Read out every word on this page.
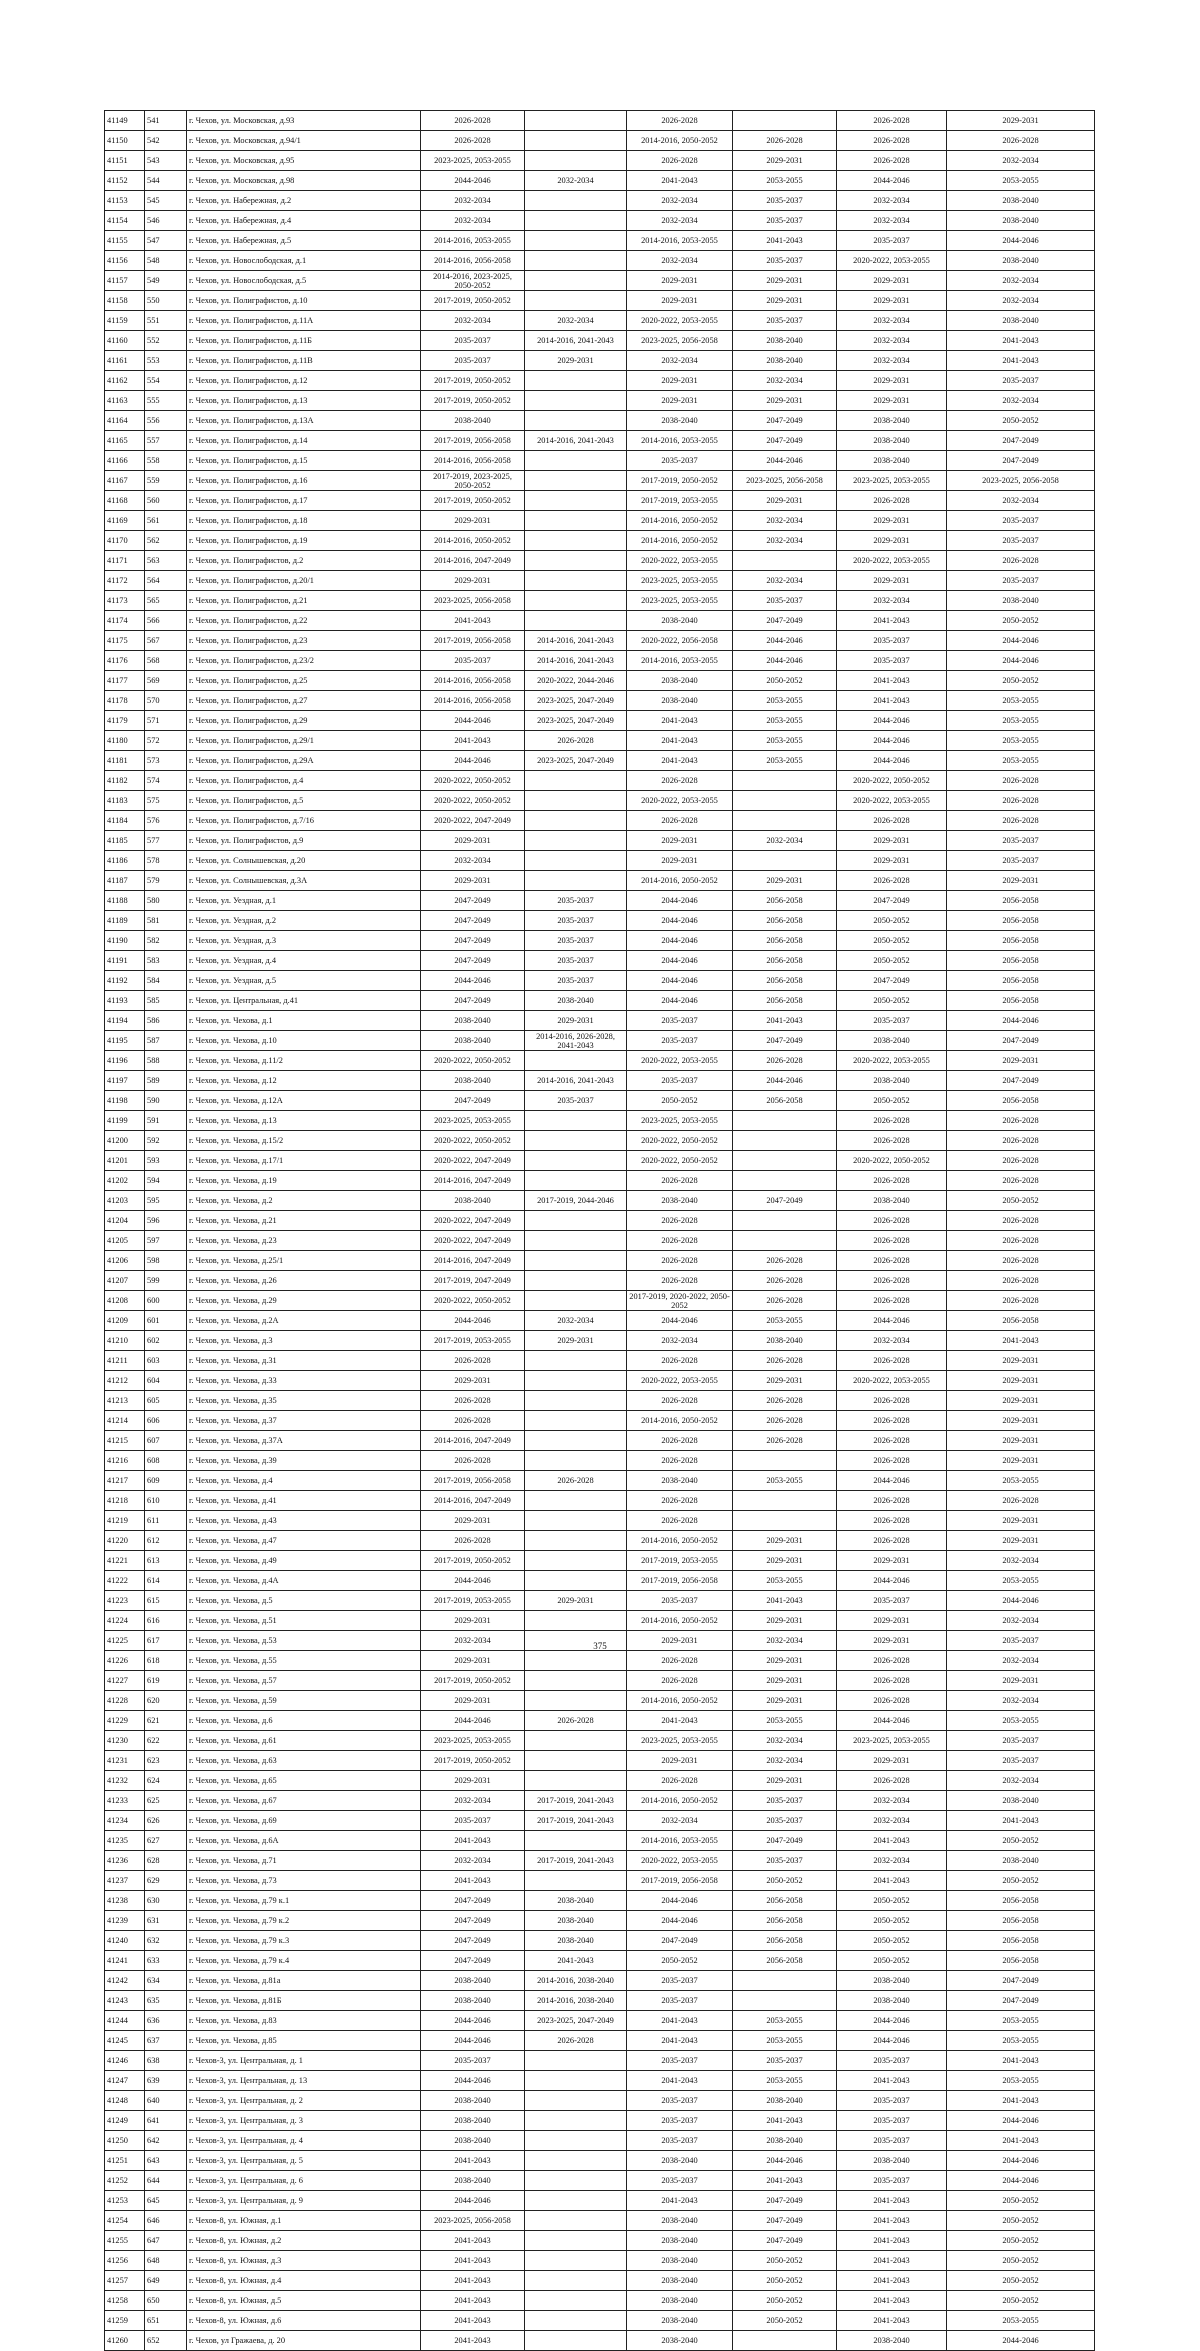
41149	541	г. Чехов, ул. Московская, д.93	2026-2028		2026-2028		2026-2028	2029-2031
41150	542	г. Чехов, ул. Московская, д.94/1	2026-2028		2014-2016, 2050-2052	2026-2028	2026-2028	2026-2028
41151	543	г. Чехов, ул. Московская, д.95	2023-2025, 2053-2055		2026-2028	2029-2031	2026-2028	2032-2034
41152	544	г. Чехов, ул. Московская, д.98	2044-2046	2032-2034	2041-2043	2053-2055	2044-2046	2053-2055
41153	545	г. Чехов, ул. Набережная, д.2	2032-2034		2032-2034	2035-2037	2032-2034	2038-2040
41154	546	г. Чехов, ул. Набережная, д.4	2032-2034		2032-2034	2035-2037	2032-2034	2038-2040
41155	547	г. Чехов, ул. Набережная, д.5	2014-2016, 2053-2055		2014-2016, 2053-2055	2041-2043	2035-2037	2044-2046
41156	548	г. Чехов, ул. Новослободская, д.1	2014-2016, 2056-2058		2032-2034	2035-2037	2020-2022, 2053-2055	2038-2040
41157	549	г. Чехов, ул. Новослободская, д.5	2014-2016, 2023-2025, 2050-2052		2029-2031	2029-2031	2029-2031	2032-2034
41158	550	г. Чехов, ул. Полиграфистов, д.10	2017-2019, 2050-2052		2029-2031	2029-2031	2029-2031	2032-2034
41159	551	г. Чехов, ул. Полиграфистов, д.11А	2032-2034	2032-2034	2020-2022, 2053-2055	2035-2037	2032-2034	2038-2040
41160	552	г. Чехов, ул. Полиграфистов, д.11Б	2035-2037	2014-2016, 2041-2043	2023-2025, 2056-2058	2038-2040	2032-2034	2041-2043
41161	553	г. Чехов, ул. Полиграфистов, д.11В	2035-2037	2029-2031	2032-2034	2038-2040	2032-2034	2041-2043
41162	554	г. Чехов, ул. Полиграфистов, д.12	2017-2019, 2050-2052		2029-2031	2032-2034	2029-2031	2035-2037
41163	555	г. Чехов, ул. Полиграфистов, д.13	2017-2019, 2050-2052		2029-2031	2029-2031	2029-2031	2032-2034
41164	556	г. Чехов, ул. Полиграфистов, д.13А	2038-2040		2038-2040	2047-2049	2038-2040	2050-2052
41165	557	г. Чехов, ул. Полиграфистов, д.14	2017-2019, 2056-2058	2014-2016, 2041-2043	2014-2016, 2053-2055	2047-2049	2038-2040	2047-2049
41166	558	г. Чехов, ул. Полиграфистов, д.15	2014-2016, 2056-2058		2035-2037	2044-2046	2038-2040	2047-2049
41167	559	г. Чехов, ул. Полиграфистов, д.16	2017-2019, 2023-2025, 2050-2052		2017-2019, 2050-2052	2023-2025, 2056-2058	2023-2025, 2053-2055	2023-2025, 2056-2058
41168	560	г. Чехов, ул. Полиграфистов, д.17	2017-2019, 2050-2052		2017-2019, 2053-2055	2029-2031	2026-2028	2032-2034
41169	561	г. Чехов, ул. Полиграфистов, д.18	2029-2031		2014-2016, 2050-2052	2032-2034	2029-2031	2035-2037
41170	562	г. Чехов, ул. Полиграфистов, д.19	2014-2016, 2050-2052		2014-2016, 2050-2052	2032-2034	2029-2031	2035-2037
41171	563	г. Чехов, ул. Полиграфистов, д.2	2014-2016, 2047-2049		2020-2022, 2053-2055		2020-2022, 2053-2055	2026-2028
41172	564	г. Чехов, ул. Полиграфистов, д.20/1	2029-2031		2023-2025, 2053-2055	2032-2034	2029-2031	2035-2037
41173	565	г. Чехов, ул. Полиграфистов, д.21	2023-2025, 2056-2058		2023-2025, 2053-2055	2035-2037	2032-2034	2038-2040
41174	566	г. Чехов, ул. Полиграфистов, д.22	2041-2043		2038-2040	2047-2049	2041-2043	2050-2052
41175	567	г. Чехов, ул. Полиграфистов, д.23	2017-2019, 2056-2058	2014-2016, 2041-2043	2020-2022, 2056-2058	2044-2046	2035-2037	2044-2046
41176	568	г. Чехов, ул. Полиграфистов, д.23/2	2035-2037	2014-2016, 2041-2043	2014-2016, 2053-2055	2044-2046	2035-2037	2044-2046
41177	569	г. Чехов, ул. Полиграфистов, д.25	2014-2016, 2056-2058	2020-2022, 2044-2046	2038-2040	2050-2052	2041-2043	2050-2052
41178	570	г. Чехов, ул. Полиграфистов, д.27	2014-2016, 2056-2058	2023-2025, 2047-2049	2038-2040	2053-2055	2041-2043	2053-2055
41179	571	г. Чехов, ул. Полиграфистов, д.29	2044-2046	2023-2025, 2047-2049	2041-2043	2053-2055	2044-2046	2053-2055
41180	572	г. Чехов, ул. Полиграфистов, д.29/1	2041-2043	2026-2028	2041-2043	2053-2055	2044-2046	2053-2055
41181	573	г. Чехов, ул. Полиграфистов, д.29А	2044-2046	2023-2025, 2047-2049	2041-2043	2053-2055	2044-2046	2053-2055
41182	574	г. Чехов, ул. Полиграфистов, д.4	2020-2022, 2050-2052		2026-2028		2020-2022, 2050-2052	2026-2028
41183	575	г. Чехов, ул. Полиграфистов, д.5	2020-2022, 2050-2052		2020-2022, 2053-2055		2020-2022, 2053-2055	2026-2028
41184	576	г. Чехов, ул. Полиграфистов, д.7/16	2020-2022, 2047-2049		2026-2028		2026-2028	2026-2028
41185	577	г. Чехов, ул. Полиграфистов, д.9	2029-2031		2029-2031	2032-2034	2029-2031	2035-2037
41186	578	г. Чехов, ул. Солнышевская, д.20	2032-2034		2029-2031		2029-2031	2035-2037
41187	579	г. Чехов, ул. Солнышевская, д.3А	2029-2031		2014-2016, 2050-2052	2029-2031	2026-2028	2029-2031
41188	580	г. Чехов, ул. Уездная, д.1	2047-2049	2035-2037	2044-2046	2056-2058	2047-2049	2056-2058
41189	581	г. Чехов, ул. Уездная, д.2	2047-2049	2035-2037	2044-2046	2056-2058	2050-2052	2056-2058
41190	582	г. Чехов, ул. Уездная, д.3	2047-2049	2035-2037	2044-2046	2056-2058	2050-2052	2056-2058
41191	583	г. Чехов, ул. Уездная, д.4	2047-2049	2035-2037	2044-2046	2056-2058	2050-2052	2056-2058
41192	584	г. Чехов, ул. Уездная, д.5	2044-2046	2035-2037	2044-2046	2056-2058	2047-2049	2056-2058
41193	585	г. Чехов, ул. Центральная, д.41	2047-2049	2038-2040	2044-2046	2056-2058	2050-2052	2056-2058
41194	586	г. Чехов, ул. Чехова, д.1	2038-2040	2029-2031	2035-2037	2041-2043	2035-2037	2044-2046
41195	587	г. Чехов, ул. Чехова, д.10	2038-2040	2014-2016, 2026-2028, 2041-2043	2035-2037	2047-2049	2038-2040	2047-2049
41196	588	г. Чехов, ул. Чехова, д.11/2	2020-2022, 2050-2052		2020-2022, 2053-2055	2026-2028	2020-2022, 2053-2055	2029-2031
41197	589	г. Чехов, ул. Чехова, д.12	2038-2040	2014-2016, 2041-2043	2035-2037	2044-2046	2038-2040	2047-2049
41198	590	г. Чехов, ул. Чехова, д.12А	2047-2049	2035-2037	2050-2052	2056-2058	2050-2052	2056-2058
41199	591	г. Чехов, ул. Чехова, д.13	2023-2025, 2053-2055		2023-2025, 2053-2055		2026-2028	2026-2028
41200	592	г. Чехов, ул. Чехова, д.15/2	2020-2022, 2050-2052		2020-2022, 2050-2052		2026-2028	2026-2028
41201	593	г. Чехов, ул. Чехова, д.17/1	2020-2022, 2047-2049		2020-2022, 2050-2052		2020-2022, 2050-2052	2026-2028
41202	594	г. Чехов, ул. Чехова, д.19	2014-2016, 2047-2049		2026-2028		2026-2028	2026-2028
41203	595	г. Чехов, ул. Чехова, д.2	2038-2040	2017-2019, 2044-2046	2038-2040	2047-2049	2038-2040	2050-2052
41204	596	г. Чехов, ул. Чехова, д.21	2020-2022, 2047-2049		2026-2028		2026-2028	2026-2028
41205	597	г. Чехов, ул. Чехова, д.23	2020-2022, 2047-2049		2026-2028		2026-2028	2026-2028
41206	598	г. Чехов, ул. Чехова, д.25/1	2014-2016, 2047-2049		2026-2028	2026-2028	2026-2028	2026-2028
41207	599	г. Чехов, ул. Чехова, д.26	2017-2019, 2047-2049		2026-2028	2026-2028	2026-2028	2026-2028
41208	600	г. Чехов, ул. Чехова, д.29	2020-2022, 2050-2052		2017-2019, 2020-2022, 2050-2052	2026-2028	2026-2028	2026-2028
41209	601	г. Чехов, ул. Чехова, д.2А	2044-2046	2032-2034	2044-2046	2053-2055	2044-2046	2056-2058
41210	602	г. Чехов, ул. Чехова, д.3	2017-2019, 2053-2055	2029-2031	2032-2034	2038-2040	2032-2034	2041-2043
41211	603	г. Чехов, ул. Чехова, д.31	2026-2028		2026-2028	2026-2028	2026-2028	2029-2031
41212	604	г. Чехов, ул. Чехова, д.33	2029-2031		2020-2022, 2053-2055	2029-2031	2020-2022, 2053-2055	2029-2031
41213	605	г. Чехов, ул. Чехова, д.35	2026-2028		2026-2028	2026-2028	2026-2028	2029-2031
41214	606	г. Чехов, ул. Чехова, д.37	2026-2028		2014-2016, 2050-2052	2026-2028	2026-2028	2029-2031
41215	607	г. Чехов, ул. Чехова, д.37А	2014-2016, 2047-2049		2026-2028	2026-2028	2026-2028	2029-2031
41216	608	г. Чехов, ул. Чехова, д.39	2026-2028		2026-2028		2026-2028	2029-2031
41217	609	г. Чехов, ул. Чехова, д.4	2017-2019, 2056-2058	2026-2028	2038-2040	2053-2055	2044-2046	2053-2055
41218	610	г. Чехов, ул. Чехова, д.41	2014-2016, 2047-2049		2026-2028		2026-2028	2026-2028
41219	611	г. Чехов, ул. Чехова, д.43	2029-2031		2026-2028		2026-2028	2029-2031
41220	612	г. Чехов, ул. Чехова, д.47	2026-2028		2014-2016, 2050-2052	2029-2031	2026-2028	2029-2031
41221	613	г. Чехов, ул. Чехова, д.49	2017-2019, 2050-2052		2017-2019, 2053-2055	2029-2031	2029-2031	2032-2034
41222	614	г. Чехов, ул. Чехова, д.4А	2044-2046		2017-2019, 2056-2058	2053-2055	2044-2046	2053-2055
41223	615	г. Чехов, ул. Чехова, д.5	2017-2019, 2053-2055	2029-2031	2035-2037	2041-2043	2035-2037	2044-2046
41224	616	г. Чехов, ул. Чехова, д.51	2029-2031		2014-2016, 2050-2052	2029-2031	2029-2031	2032-2034
41225	617	г. Чехов, ул. Чехова, д.53	2032-2034		2029-2031	2032-2034	2029-2031	2035-2037
41226	618	г. Чехов, ул. Чехова, д.55	2029-2031		2026-2028	2029-2031	2026-2028	2032-2034
41227	619	г. Чехов, ул. Чехова, д.57	2017-2019, 2050-2052		2026-2028	2029-2031	2026-2028	2029-2031
41228	620	г. Чехов, ул. Чехова, д.59	2029-2031		2014-2016, 2050-2052	2029-2031	2026-2028	2032-2034
41229	621	г. Чехов, ул. Чехова, д.6	2044-2046	2026-2028	2041-2043	2053-2055	2044-2046	2053-2055
41230	622	г. Чехов, ул. Чехова, д.61	2023-2025, 2053-2055		2023-2025, 2053-2055	2032-2034	2023-2025, 2053-2055	2035-2037
41231	623	г. Чехов, ул. Чехова, д.63	2017-2019, 2050-2052		2029-2031	2032-2034	2029-2031	2035-2037
41232	624	г. Чехов, ул. Чехова, д.65	2029-2031		2026-2028	2029-2031	2026-2028	2032-2034
41233	625	г. Чехов, ул. Чехова, д.67	2032-2034	2017-2019, 2041-2043	2014-2016, 2050-2052	2035-2037	2032-2034	2038-2040
41234	626	г. Чехов, ул. Чехова, д.69	2035-2037	2017-2019, 2041-2043	2032-2034	2035-2037	2032-2034	2041-2043
41235	627	г. Чехов, ул. Чехова, д.6А	2041-2043		2014-2016, 2053-2055	2047-2049	2041-2043	2050-2052
41236	628	г. Чехов, ул. Чехова, д.71	2032-2034	2017-2019, 2041-2043	2020-2022, 2053-2055	2035-2037	2032-2034	2038-2040
41237	629	г. Чехов, ул. Чехова, д.73	2041-2043		2017-2019, 2056-2058	2050-2052	2041-2043	2050-2052
41238	630	г. Чехов, ул. Чехова, д.79 к.1	2047-2049	2038-2040	2044-2046	2056-2058	2050-2052	2056-2058
41239	631	г. Чехов, ул. Чехова, д.79 к.2	2047-2049	2038-2040	2044-2046	2056-2058	2050-2052	2056-2058
41240	632	г. Чехов, ул. Чехова, д.79 к.3	2047-2049	2038-2040	2047-2049	2056-2058	2050-2052	2056-2058
41241	633	г. Чехов, ул. Чехова, д.79 к.4	2047-2049	2041-2043	2050-2052	2056-2058	2050-2052	2056-2058
41242	634	г. Чехов, ул. Чехова, д.81а	2038-2040	2014-2016, 2038-2040	2035-2037		2038-2040	2047-2049
41243	635	г. Чехов, ул. Чехова, д.81Б	2038-2040	2014-2016, 2038-2040	2035-2037		2038-2040	2047-2049
41244	636	г. Чехов, ул. Чехова, д.83	2044-2046	2023-2025, 2047-2049	2041-2043	2053-2055	2044-2046	2053-2055
41245	637	г. Чехов, ул. Чехова, д.85	2044-2046	2026-2028	2041-2043	2053-2055	2044-2046	2053-2055
41246	638	г. Чехов-3, ул. Центральная, д. 1	2035-2037		2035-2037	2035-2037	2035-2037	2041-2043
41247	639	г. Чехов-3, ул. Центральная, д. 13	2044-2046		2041-2043	2053-2055	2041-2043	2053-2055
41248	640	г. Чехов-3, ул. Центральная, д. 2	2038-2040		2035-2037	2038-2040	2035-2037	2041-2043
41249	641	г. Чехов-3, ул. Центральная, д. 3	2038-2040		2035-2037	2041-2043	2035-2037	2044-2046
41250	642	г. Чехов-3, ул. Центральная, д. 4	2038-2040		2035-2037	2038-2040	2035-2037	2041-2043
41251	643	г. Чехов-3, ул. Центральная, д. 5	2041-2043		2038-2040	2044-2046	2038-2040	2044-2046
41252	644	г. Чехов-3, ул. Центральная, д. 6	2038-2040		2035-2037	2041-2043	2035-2037	2044-2046
41253	645	г. Чехов-3, ул. Центральная, д. 9	2044-2046		2041-2043	2047-2049	2041-2043	2050-2052
41254	646	г. Чехов-8, ул. Южная, д.1	2023-2025, 2056-2058		2038-2040	2047-2049	2041-2043	2050-2052
41255	647	г. Чехов-8, ул. Южная, д.2	2041-2043		2038-2040	2047-2049	2041-2043	2050-2052
41256	648	г. Чехов-8, ул. Южная, д.3	2041-2043		2038-2040	2050-2052	2041-2043	2050-2052
41257	649	г. Чехов-8, ул. Южная, д.4	2041-2043		2038-2040	2050-2052	2041-2043	2050-2052
41258	650	г. Чехов-8, ул. Южная, д.5	2041-2043		2038-2040	2050-2052	2041-2043	2050-2052
41259	651	г. Чехов-8, ул. Южная, д.6	2041-2043		2038-2040	2050-2052	2041-2043	2053-2055
41260	652	г. Чехов, ул Гражаева, д. 20	2041-2043		2038-2040		2038-2040	2044-2046
375
